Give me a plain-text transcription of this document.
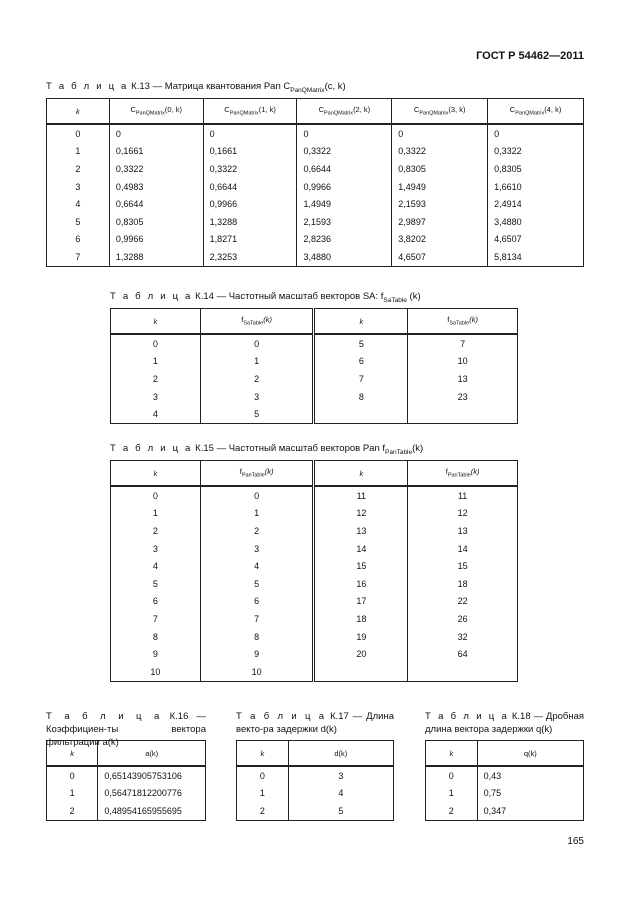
ГОСТ Р 54462—2011
Т а б л и ц а К.13 — Матрица квантования Pan $C_{PanQMatrix}(с$, k)
k	$C_{PanQMatrix}(0$, k)	$C_{PanQMatrix}(1$, k)	$C_{PanQMatrix}(2$, k)	$C_{PanQMatrix}(3$, k)	$C_{PanQMatrix}(4$, k)
0	0	0	0	0	0
1	0,1661	0,1661	0,3322	0,3322	0,3322
2	0,3322	0,3322	0,6644	0,8305	0,8305
3	0,4983	0,6644	0,9966	1,4949	1,6610
4	0,6644	0,9966	1,4949	2,1593	2,4914
5	0,8305	1,3288	2,1593	2,9897	3,4880
6	0,9966	1,8271	2,8236	3,8202	4,6507
7	1,3288	2,3253	3,4880	4,6507	5,8134
Т а б л и ц а К.14 — Частотный масштаб векторов SA: $f_{SaTable}$ (k)
k	$f_{SaTable}(k)$	k	$f_{SaTable}(k)$
0	0	5	7
1	1	6	10
2	2	7	13
3	3	8	23
4	5		
Т а б л и ц а К.15 — Частотный масштаб векторов Pan $f_{PanTable}(k)$
k	$f_{PanTable}(k)$	k	$f_{PanTable}(k)$
0	0	11	11
1	1	12	12
2	2	13	13
3	3	14	14
4	4	15	15
5	5	16	18
6	6	17	22
7	7	18	26
8	8	19	32
9	9	20	64
10	10		
Т а б л и ц а К.16 — Коэффициен-ты вектора фильтрации a(k)
k	a(k)
0	0,65143905753106
1	0,56471812200776
2	0,48954165955695
Т а б л и ц а К.17 — Длина векто-ра задержки d(k)
k	d(k)
0	3
1	4
2	5
Т а б л и ц а К.18 — Дробная длина вектора задержки q(k)
k	q(k)
0	0,43
1	0,75
2	0,347
165
